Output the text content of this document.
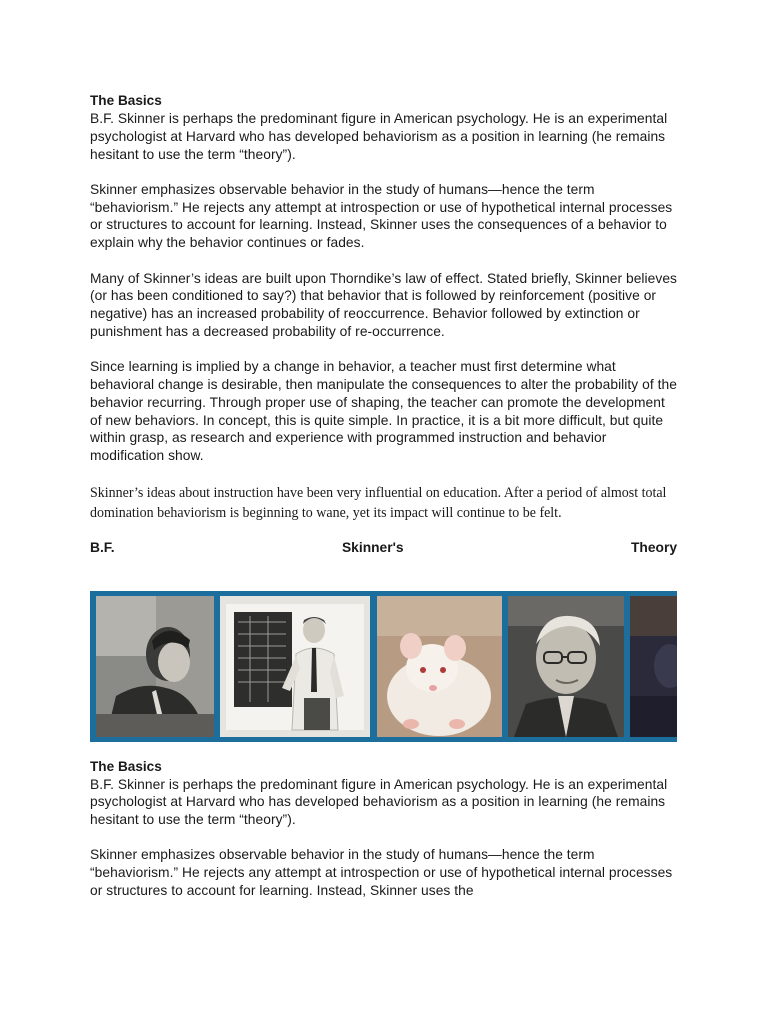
The Basics

B.F. Skinner is perhaps the predominant figure in American psychology. He is an experimental psychologist at Harvard who has developed behaviorism as a position in learning (he remains hesitant to use the term “theory”).

Skinner emphasizes observable behavior in the study of humans—hence the term “behaviorism.” He rejects any attempt at introspection or use of hypothetical internal processes or structures to account for learning. Instead, Skinner uses the consequences of a behavior to explain why the behavior continues or fades.

Many of Skinner’s ideas are built upon Thorndike’s law of effect. Stated briefly, Skinner believes (or has been conditioned to say?) that behavior that is followed by reinforcement (positive or negative) has an increased probability of reoccurrence. Behavior followed by extinction or punishment has a decreased probability of re-occurrence.

Since learning is implied by a change in behavior, a teacher must first determine what behavioral change is desirable, then manipulate the consequences to alter the probability of the behavior recurring. Through proper use of shaping, the teacher can promote the development of new behaviors. In concept, this is quite simple. In practice, it is a bit more difficult, but quite within grasp, as research and experience with programmed instruction and behavior modification show.

Skinner’s ideas about instruction have been very influential on education. After a period of almost total domination behaviorism is beginning to wane, yet its impact will continue to be felt.

B.F.	Skinner's	Theory

The Basics

B.F. Skinner is perhaps the predominant figure in American psychology. He is an experimental psychologist at Harvard who has developed behaviorism as a position in learning (he remains hesitant to use the term “theory”).

Skinner emphasizes observable behavior in the study of humans—hence the term “behaviorism.” He rejects any attempt at introspection or use of hypothetical internal processes or structures to account for learning. Instead, Skinner uses the
